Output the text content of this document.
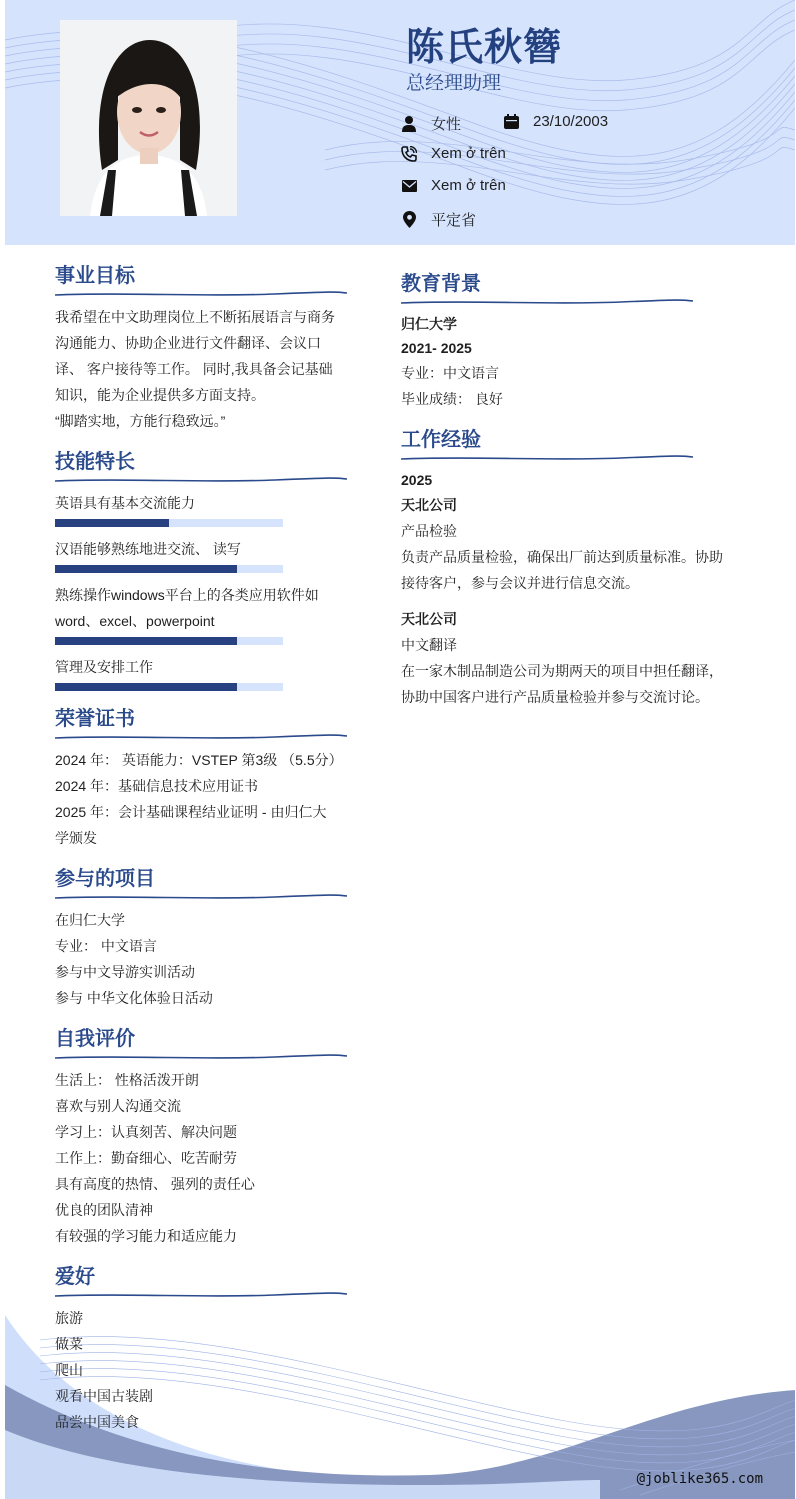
陈氏秋簪
总经理助理
女性	23/10/2003
Xem ở trên
Xem ở trên
平定省
事业目标
我希望在中文助理岗位上不断拓展语言与商务
沟通能力、协助企业进行文件翻译、会议口
译、 客户接待等工作。 同时,我具备会记基础
知识，能为企业提供多方面支持。
“脚踏实地，方能行稳致远。”
技能特长
英语具有基本交流能力
汉语能够熟练地进交流、 读写
熟练操作windows平台上的各类应用软件如 word、excel、powerpoint
管理及安排工作
荣誉证书
2024 年： 英语能力：VSTEP 第3级 （5.5分）
2024 年：基础信息技术应用证书
2025 年：会计基础课程结业证明 - 由归仁大
学颁发
参与的项目
在归仁大学
专业： 中文语言
参与中文导游实训活动
参与 中华文化体验日活动
自我评价
生活上： 性格活泼开朗
喜欢与别人沟通交流
学习上：认真刻苦、解决问题
工作上：勤奋细心、吃苦耐劳
具有高度的热情、 强列的责任心
优良的团队清神
有较强的学习能力和适应能力
爱好
旅游
做菜
爬山
观看中国古装剧
品尝中国美食
教育背景
归仁大学
2021- 2025
专业：中文语言
毕业成绩： 良好
工作经验
2025
天北公司
产品检验
负责产品质量检验，确保出厂前达到质量标准。协助
接待客户，参与会议并进行信息交流。
天北公司
中文翻译
在一家木制品制造公司为期两天的项目中担任翻译，
协助中国客户进行产品质量检验并参与交流讨论。
@joblike365.com
